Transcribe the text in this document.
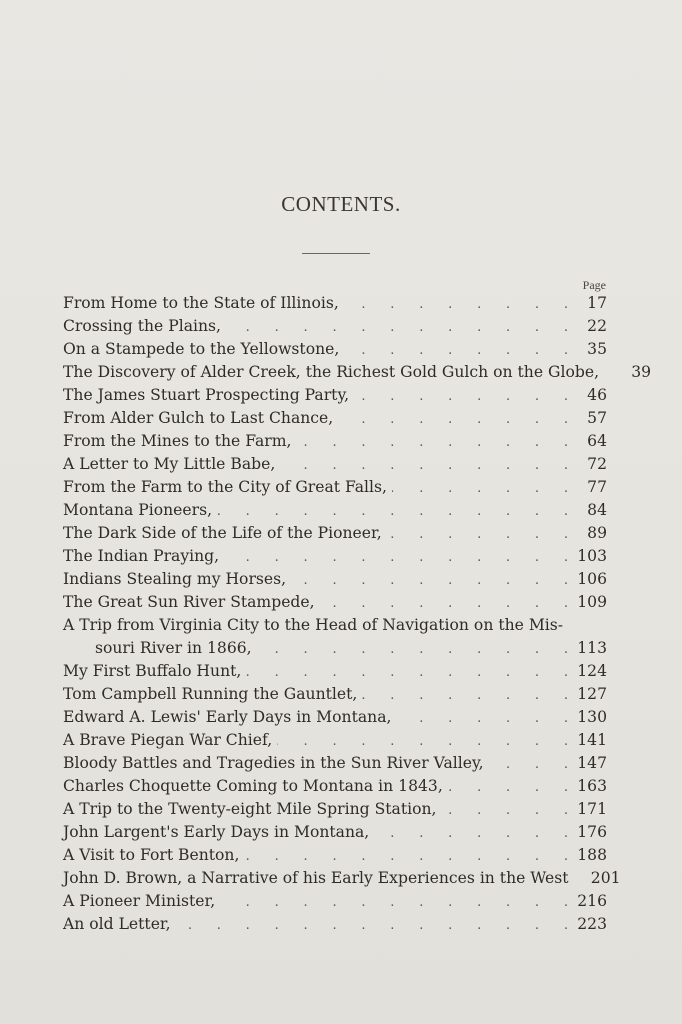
CONTENTS.
Page
From Home to the State of Illinois, .	17
Crossing the Plains, .	22
On a Stampede to the Yellowstone, .	35
The Discovery of Alder Creek, the Richest Gold Gulch on the Globe,	39
The James Stuart Prospecting Party, .	46
From Alder Gulch to Last Chance, .	57
From the Mines to the Farm, .	64
A Letter to My Little Babe, .	72
From the Farm to the City of Great Falls, .	77
Montana Pioneers, .	84
The Dark Side of the Life of the Pioneer, .	89
The Indian Praying, .	103
Indians Stealing my Horses, .	106
The Great Sun River Stampede, .	109
A Trip from Virginia City to the Head of Navigation on the Mis-
souri River in 1866, .	113
My First Buffalo Hunt, .	124
Tom Campbell Running the Gauntlet, .	127
Edward A. Lewis' Early Days in Montana, .	130
A Brave Piegan War Chief, .	141
Bloody Battles and Tragedies in the Sun River Valley, .	147
Charles Choquette Coming to Montana in 1843, .	163
A Trip to the Twenty-eight Mile Spring Station, .	171
John Largent's Early Days in Montana, .	176
A Visit to Fort Benton, .	188
John D. Brown, a Narrative of his Early Experiences in the West 201
A Pioneer Minister, .	216
An old Letter, .	223
